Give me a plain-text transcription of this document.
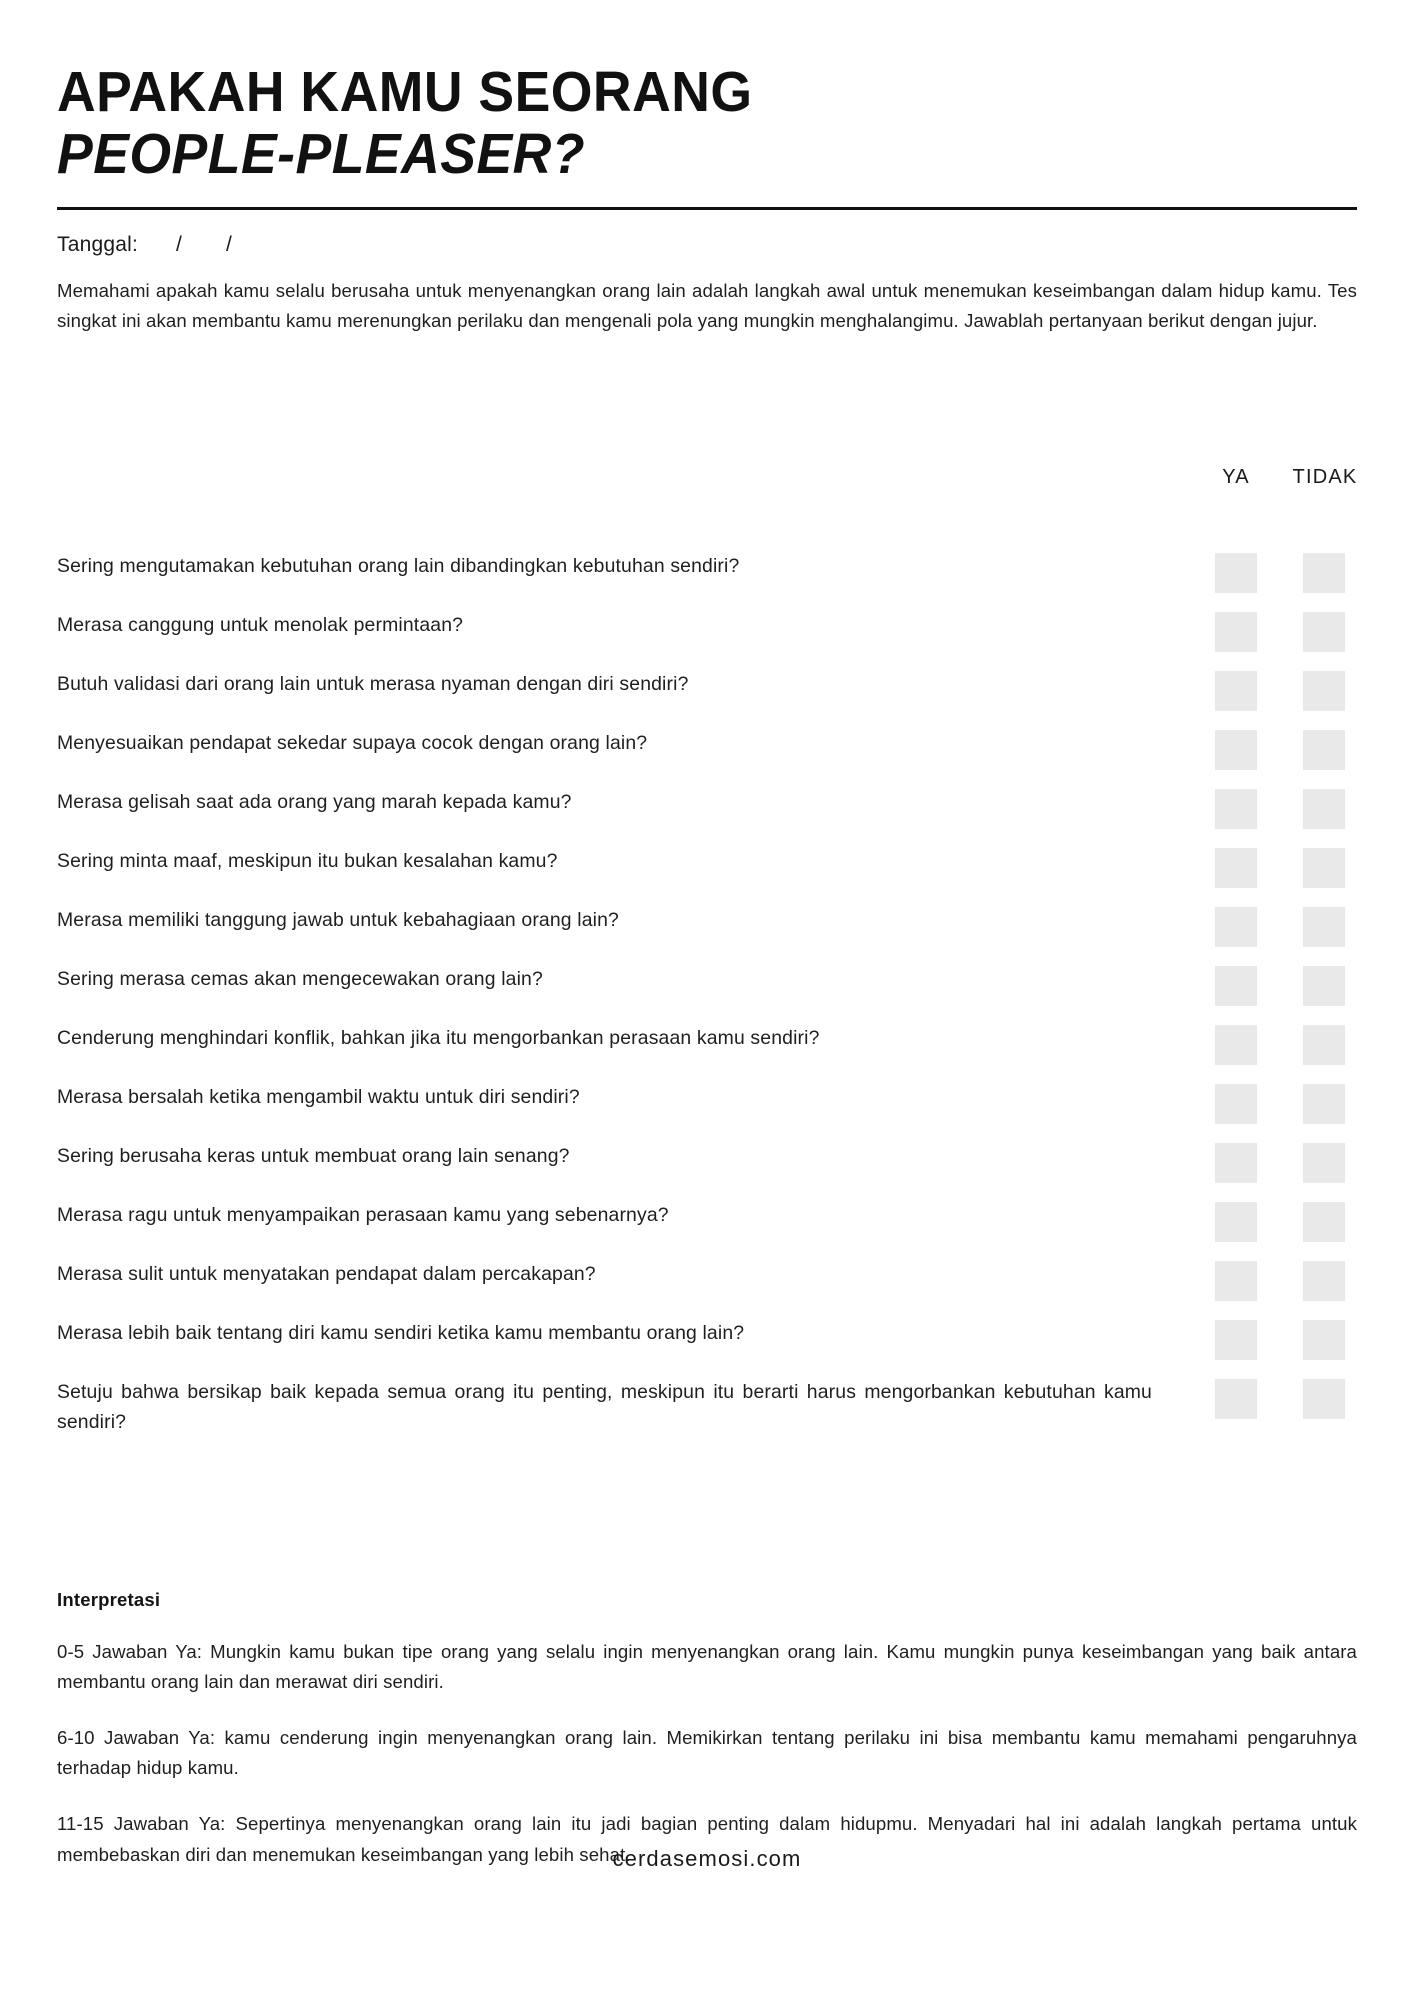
APAKAH KAMU SEORANG
PEOPLE-PLEASER?
Tanggal: / /
Memahami apakah kamu selalu berusaha untuk menyenangkan orang lain adalah langkah awal untuk menemukan keseimbangan dalam hidup kamu. Tes singkat ini akan membantu kamu merenungkan perilaku dan mengenali pola yang mungkin menghalangimu. Jawablah pertanyaan berikut dengan jujur.
YA	TIDAK
Sering mengutamakan kebutuhan orang lain dibandingkan kebutuhan sendiri?
Merasa canggung untuk menolak permintaan?
Butuh validasi dari orang lain untuk merasa nyaman dengan diri sendiri?
Menyesuaikan pendapat sekedar supaya cocok dengan orang lain?
Merasa gelisah saat ada orang yang marah kepada kamu?
Sering minta maaf, meskipun itu bukan kesalahan kamu?
Merasa memiliki tanggung jawab untuk kebahagiaan orang lain?
Sering merasa cemas akan mengecewakan orang lain?
Cenderung menghindari konflik, bahkan jika itu mengorbankan perasaan kamu sendiri?
Merasa bersalah ketika mengambil waktu untuk diri sendiri?
Sering berusaha keras untuk membuat orang lain senang?
Merasa ragu untuk menyampaikan perasaan kamu yang sebenarnya?
Merasa sulit untuk menyatakan pendapat dalam percakapan?
Merasa lebih baik tentang diri kamu sendiri ketika kamu membantu orang lain?
Setuju bahwa bersikap baik kepada semua orang itu penting, meskipun itu berarti harus mengorbankan kebutuhan kamu sendiri?
Interpretasi
0-5 Jawaban Ya: Mungkin kamu bukan tipe orang yang selalu ingin menyenangkan orang lain. Kamu mungkin punya keseimbangan yang baik antara membantu orang lain dan merawat diri sendiri.
6-10 Jawaban Ya: kamu cenderung ingin menyenangkan orang lain. Memikirkan tentang perilaku ini bisa membantu kamu memahami pengaruhnya terhadap hidup kamu.
11-15 Jawaban Ya: Sepertinya menyenangkan orang lain itu jadi bagian penting dalam hidupmu. Menyadari hal ini adalah langkah pertama untuk membebaskan diri dan menemukan keseimbangan yang lebih sehat.
cerdasemosi.com
